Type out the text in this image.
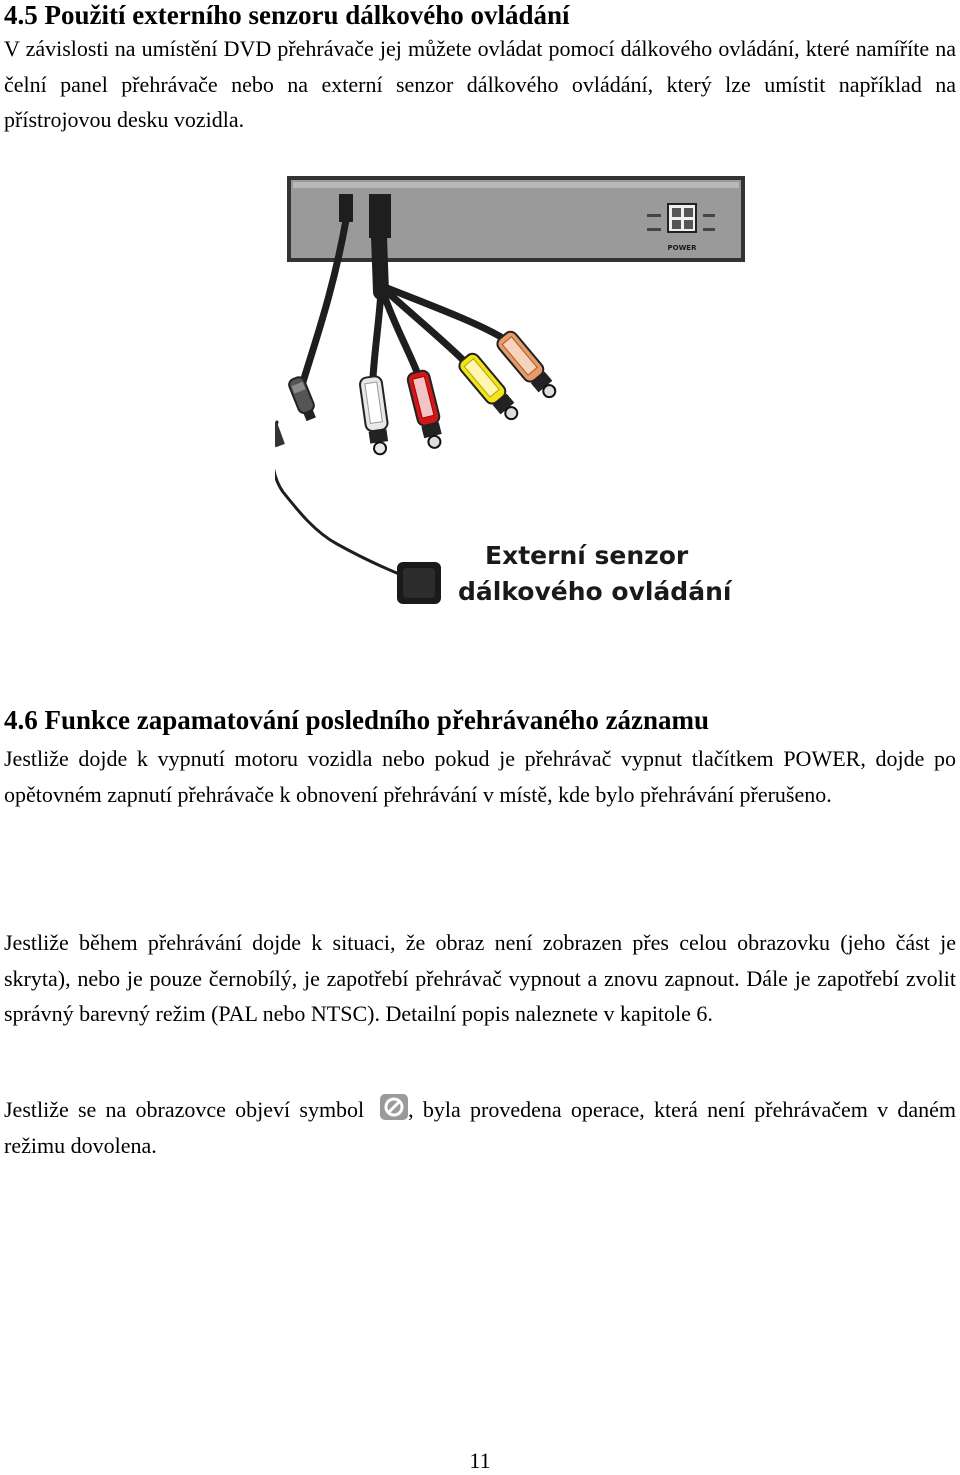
4.5 Použití externího senzoru dálkového ovládání

V závislosti na umístění DVD přehrávače jej můžete ovládat pomocí dálkového ovládání, které namíříte na čelní panel přehrávače nebo na externí senzor dálkového ovládání, který lze umístit například na přístrojovou desku vozidla.

POWER
Externí senzor
dálkového ovládání
4.6 Funkce zapamatování posledního přehrávaného záznamu

Jestliže dojde k vypnutí motoru vozidla nebo pokud je přehrávač vypnut tlačítkem POWER, dojde po opětovném zapnutí přehrávače k obnovení přehrávání v místě, kde bylo přehrávání přerušeno.

Jestliže během přehrávání dojde k situaci, že obraz není zobrazen přes celou obrazovku (jeho část je skryta), nebo je pouze černobílý, je zapotřebí přehrávač vypnout a znovu zapnout. Dále je zapotřebí zvolit správný barevný režim (PAL nebo NTSC). Detailní popis naleznete v kapitole 6.

Jestliže se na obrazovce objeví symbol , byla provedena operace, která není přehrávačem v daném režimu dovolena.

11
